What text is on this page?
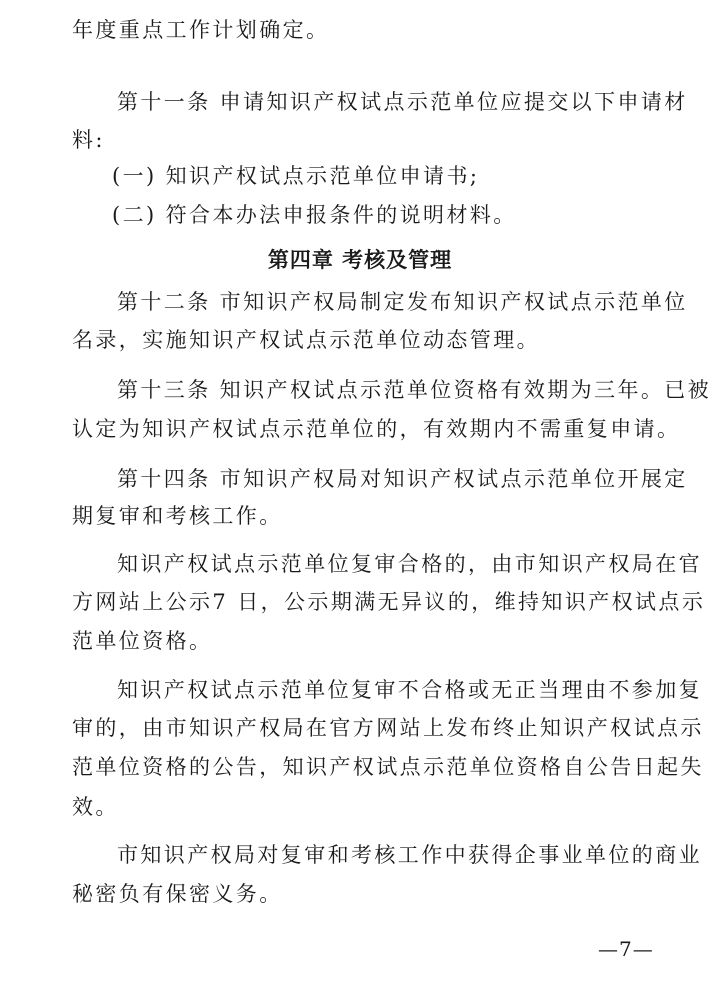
年度重点工作计划确定。
第十一条 申请知识产权试点示范单位应提交以下申请材
料:
(一) 知识产权试点示范单位申请书;
(二) 符合本办法申报条件的说明材料。
第四章 考核及管理
第十二条 市知识产权局制定发布知识产权试点示范单位
名录，实施知识产权试点示范单位动态管理。
第十三条 知识产权试点示范单位资格有效期为三年。已被
认定为知识产权试点示范单位的，有效期内不需重复申请。
第十四条 市知识产权局对知识产权试点示范单位开展定
期复审和考核工作。
知识产权试点示范单位复审合格的，由市知识产权局在官
方网站上公示7 日，公示期满无异议的，维持知识产权试点示
范单位资格。
知识产权试点示范单位复审不合格或无正当理由不参加复
审的，由市知识产权局在官方网站上发布终止知识产权试点示
范单位资格的公告，知识产权试点示范单位资格自公告日起失
效。
市知识产权局对复审和考核工作中获得企事业单位的商业
秘密负有保密义务。
—7—
